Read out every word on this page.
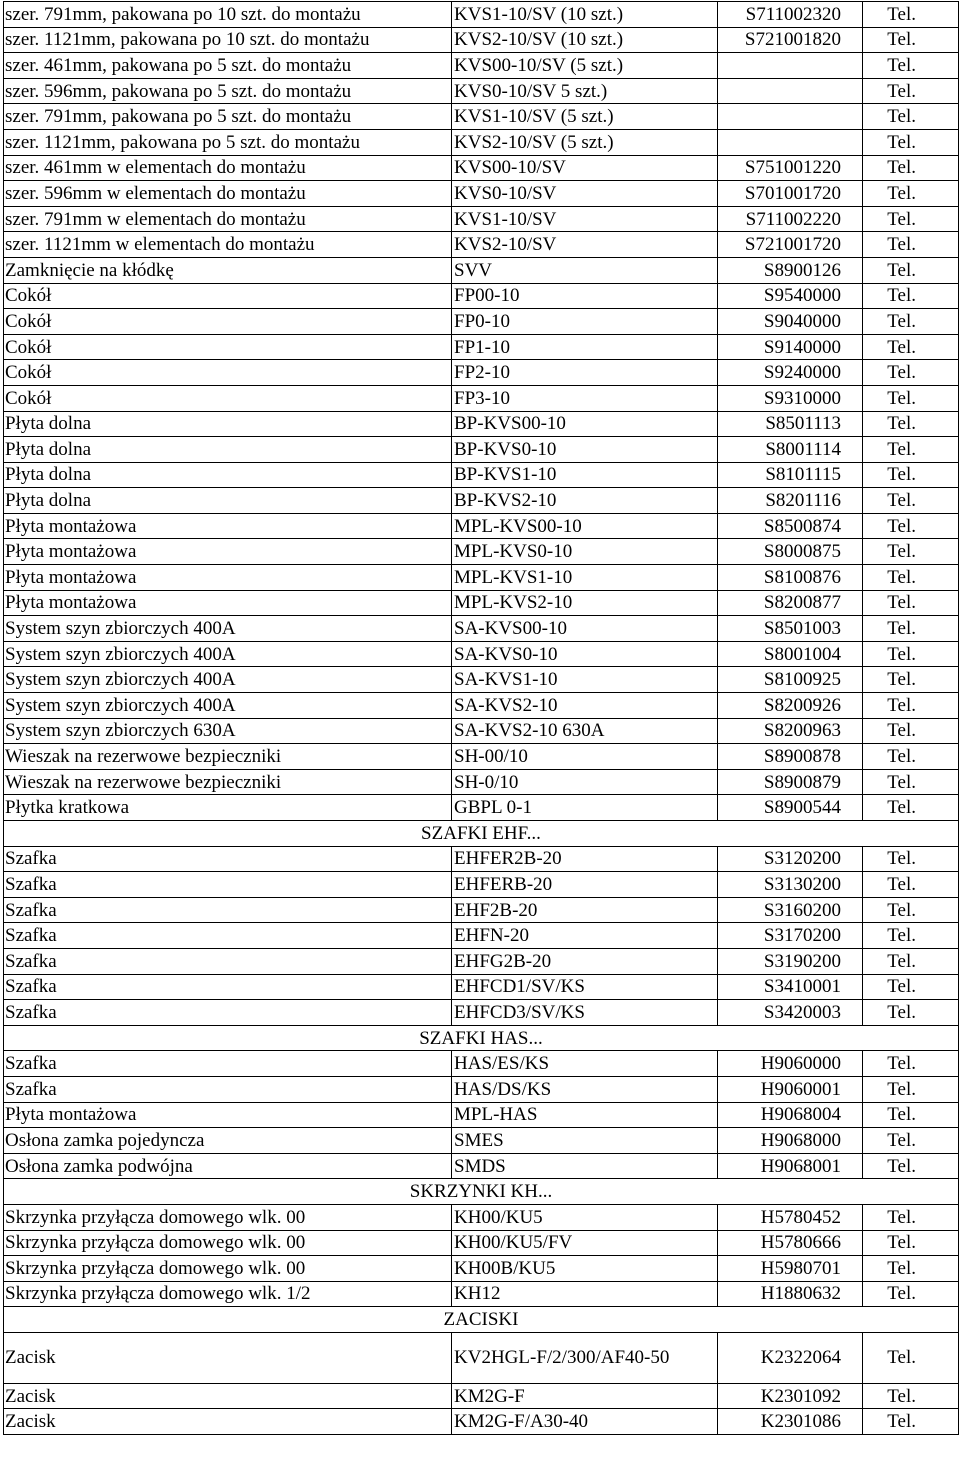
szer. 791mm, pakowana po 10 szt. do montażu	KVS1-10/SV (10 szt.)	S711002320	Tel.
szer. 1121mm, pakowana po 10 szt. do montażu	KVS2-10/SV (10 szt.)	S721001820	Tel.
szer. 461mm, pakowana po 5 szt. do montażu	KVS00-10/SV (5 szt.)		Tel.
szer. 596mm, pakowana po 5 szt. do montażu	KVS0-10/SV 5 szt.)		Tel.
szer. 791mm, pakowana po 5 szt. do montażu	KVS1-10/SV (5 szt.)		Tel.
szer. 1121mm, pakowana po 5 szt. do montażu	KVS2-10/SV (5 szt.)		Tel.
szer. 461mm w elementach do montażu	KVS00-10/SV	S751001220	Tel.
szer. 596mm w elementach do montażu	KVS0-10/SV	S701001720	Tel.
szer. 791mm w elementach do montażu	KVS1-10/SV	S711002220	Tel.
szer. 1121mm w elementach do montażu	KVS2-10/SV	S721001720	Tel.
Zamknięcie na kłódkę	SVV	S8900126	Tel.
Cokół	FP00-10	S9540000	Tel.
Cokół	FP0-10	S9040000	Tel.
Cokół	FP1-10	S9140000	Tel.
Cokół	FP2-10	S9240000	Tel.
Cokół	FP3-10	S9310000	Tel.
Płyta dolna	BP-KVS00-10	S8501113	Tel.
Płyta dolna	BP-KVS0-10	S8001114	Tel.
Płyta dolna	BP-KVS1-10	S8101115	Tel.
Płyta dolna	BP-KVS2-10	S8201116	Tel.
Płyta montażowa	MPL-KVS00-10	S8500874	Tel.
Płyta montażowa	MPL-KVS0-10	S8000875	Tel.
Płyta montażowa	MPL-KVS1-10	S8100876	Tel.
Płyta montażowa	MPL-KVS2-10	S8200877	Tel.
System szyn zbiorczych 400A	SA-KVS00-10	S8501003	Tel.
System szyn zbiorczych 400A	SA-KVS0-10	S8001004	Tel.
System szyn zbiorczych 400A	SA-KVS1-10	S8100925	Tel.
System szyn zbiorczych 400A	SA-KVS2-10	S8200926	Tel.
System szyn zbiorczych 630A	SA-KVS2-10 630A	S8200963	Tel.
Wieszak na rezerwowe bezpieczniki	SH-00/10	S8900878	Tel.
Wieszak na rezerwowe bezpieczniki	SH-0/10	S8900879	Tel.
Płytka kratkowa	GBPL 0-1	S8900544	Tel.
SZAFKI EHF...			
Szafka	EHFER2B-20	S3120200	Tel.
Szafka	EHFERB-20	S3130200	Tel.
Szafka	EHF2B-20	S3160200	Tel.
Szafka	EHFN-20	S3170200	Tel.
Szafka	EHFG2B-20	S3190200	Tel.
Szafka	EHFCD1/SV/KS	S3410001	Tel.
Szafka	EHFCD3/SV/KS	S3420003	Tel.
SZAFKI HAS...			
Szafka	HAS/ES/KS	H9060000	Tel.
Szafka	HAS/DS/KS	H9060001	Tel.
Płyta montażowa	MPL-HAS	H9068004	Tel.
Osłona zamka pojedyncza	SMES	H9068000	Tel.
Osłona zamka podwójna	SMDS	H9068001	Tel.
SKRZYNKI KH...			
Skrzynka przyłącza domowego wlk. 00	KH00/KU5	H5780452	Tel.
Skrzynka przyłącza domowego wlk. 00	KH00/KU5/FV	H5780666	Tel.
Skrzynka przyłącza domowego wlk. 00	KH00B/KU5	H5980701	Tel.
Skrzynka przyłącza domowego wlk. 1/2	KH12	H1880632	Tel.
ZACISKI			
Zacisk	KV2HGL-F/2/300/AF40-50	K2322064	Tel.
Zacisk	KM2G-F	K2301092	Tel.
Zacisk	KM2G-F/A30-40	K2301086	Tel.
